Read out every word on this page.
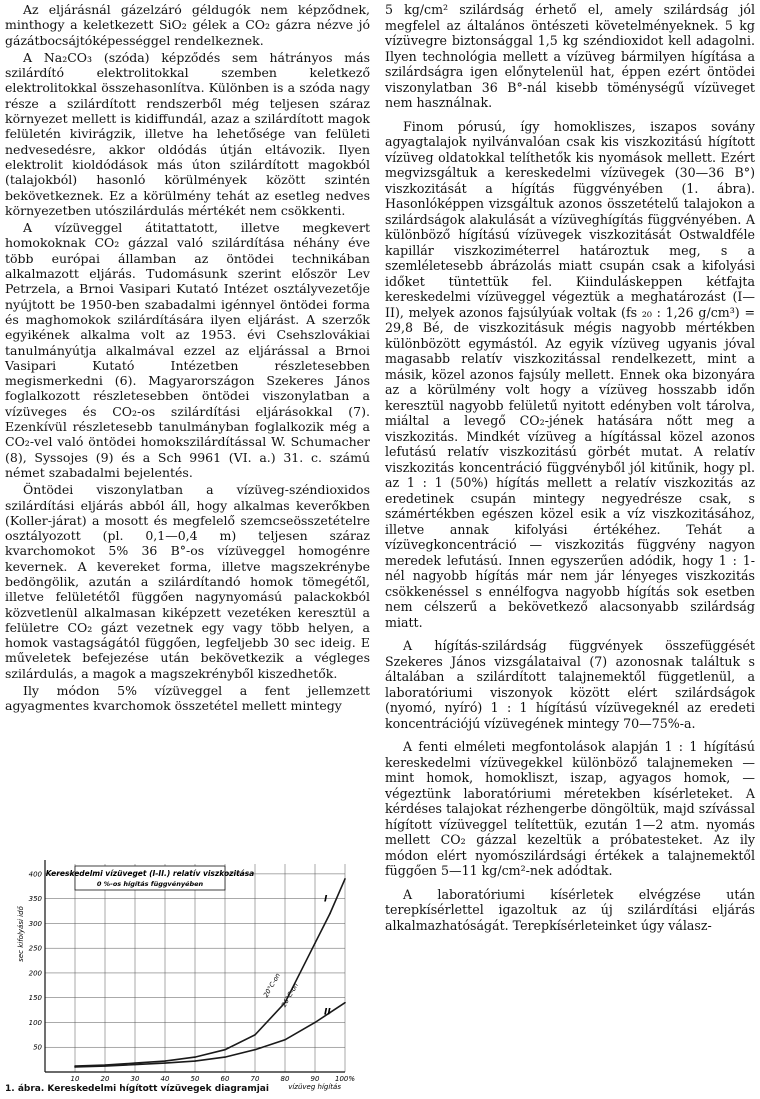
Az eljárásnál gázelzáró géldugók nem képződnek, minthogy a keletkezett SiO₂ gélek a CO₂ gázra nézve jó gázátbocsájtóképességgel rendelkeznek.

A Na₂CO₃ (szóda) képződés sem hátrányos más szilárdító elektrolitokkal szemben keletkező elektrolitokkal összehasonlítva. Különben is a szóda nagy része a szilárdított rendszerből még teljesen száraz környezet mellett is kidiffundál, azaz a szilárdított magok felületén kivirágzik, illetve ha lehetősége van felületi nedvesedésre, akkor oldódás útján eltávozik. Ilyen elektrolit kioldódások más úton szilárdított magokból (talajokból) hasonló körülmények között szintén bekövetkeznek. Ez a körülmény tehát az esetleg nedves környezetben utószilárdulás mértékét nem csökkenti.

A vízüveggel átitattatott, illetve megkevert homokoknak CO₂ gázzal való szilárdítása néhány éve több európai államban az öntödei technikában alkalmazott eljárás. Tudomásunk szerint először Lev Petrzela, a Brnoi Vasipari Kutató Intézet osztályvezetője nyújtott be 1950-ben szabadalmi igénnyel öntödei forma és maghomokok szilárdítására ilyen eljárást. A szerzők egyikének alkalma volt az 1953. évi Csehszlovákiai tanulmányútja alkalmával ezzel az eljárással a Brnoi Vasipari Kutató Intézetben részletesebben megismerkedni (6). Magyarországon Szekeres János foglalkozott részletesebben öntödei viszonylatban a vízüveges és CO₂-os szilárdítási eljárásokkal (7). Ezenkívül részletesebb tanulmányban foglalkozik még a CO₂-vel való öntödei homokszilárdítással W. Schumacher (8), Syssojes (9) és a Sch 9961 (VI. a.) 31. c. számú német szabadalmi bejelentés.

Öntödei viszonylatban a vízüveg-széndioxidos szilárdítási eljárás abból áll, hogy alkalmas keverőkben (Koller-járat) a mosott és megfelelő szemcseösszetételre osztályozott (pl. 0,1—0,4 m) teljesen száraz kvarchomokot 5% 36 B°-os vízüveggel homogénre kevernek. A kevereket forma, illetve magszekrénybe bedöngölik, azután a szilárdítandó homok tömegétől, illetve felületétől függően nagynyomású palackokból közvetlenül alkalmasan kiképzett vezetéken keresztül a felületre CO₂ gázt vezetnek egy vagy több helyen, a homok vastagságától függően, legfeljebb 30 sec ideig. E műveletek befejezése után bekövetkezik a végleges szilárdulás, a magok a magszekrényből kiszedhetők.

Ily módon 5% vízüveggel a fent jellemzett agyagmentes kvarchomok összetétel mellett mintegy

5 kg/cm² szilárdság érhető el, amely szilárdság jól megfelel az általános öntészeti követelményeknek. 5 kg vízüvegre biztonsággal 1,5 kg széndioxidot kell adagolni. Ilyen technológia mellett a vízüveg bármilyen hígítása a szilárdságra igen előnytelenül hat, éppen ezért öntödei viszonylatban 36 B°-nál kisebb töménységű vízüveget nem használnak.

Finom pórusú, így homokliszes, iszapos sovány agyagtalajok nyilvánvalóan csak kis viszkozitású hígított vízüveg oldatokkal telíthetők kis nyomások mellett. Ezért megvizsgáltuk a kereskedelmi vízüvegek (30—36 B°) viszkozitását a hígítás függvényében (1. ábra). Hasonlóképpen vizsgáltuk azonos összetételű talajokon a szilárdságok alakulását a vízüveghígítás függvényében. A különböző hígítású vízüvegek viszkozitását Ostwaldféle kapillár viszkoziméterrel határoztuk meg, s a szemléletesebb ábrázolás miatt csupán csak a kifolyási időket tüntettük fel. Kiinduláskeppen kétfajta kereskedelmi vízüveggel végeztük a meghatározást (I—II), melyek azonos fajsúlyúak voltak (fs ₂₀ : 1,26 g/cm³) = 29,8 Bé, de viszkozitásuk mégis nagyobb mértékben különbözött egymástól. Az egyik vízüveg ugyanis jóval magasabb relatív viszkozitással rendelkezett, mint a másik, közel azonos fajsúly mellett. Ennek oka bizonyára az a körülmény volt hogy a vízüveg hosszabb időn keresztül nagyobb felületű nyitott edényben volt tárolva, miáltal a levegő CO₂-jének hatására nőtt meg a viszkozitás. Mindkét vízüveg a hígítással közel azonos lefutású relatív viszkozitású görbét mutat. A relatív viszkozitás koncentráció függvényből jól kitűnik, hogy pl. az 1 : 1 (50%) hígítás mellett a relatív viszkozitás az eredetinek csupán mintegy negyedrésze csak, s számértékben egészen közel esik a víz viszkozitásához, illetve annak kifolyási értékéhez. Tehát a vízüvegkoncentráció — viszkozitás függvény nagyon meredek lefutású. Innen egyszerűen adódik, hogy 1 : 1-nél nagyobb hígítás már nem jár lényeges viszkozitás csökkenéssel s ennélfogva nagyobb hígítás sok esetben nem célszerű a bekövetkező alacsonyabb szilárdság miatt.

A hígítás-szilárdság függvények összefüggését Szekeres János vizsgálataival (7) azonosnak találtuk s általában a szilárdított talajnemektől függetlenül, a laboratóriumi viszonyok között elért szilárdságok (nyomó, nyíró) 1 : 1 hígítású vízüvegeknél az eredeti koncentrációjú vízüvegének mintegy 70—75%-a.

A fenti elméleti megfontolások alapján 1 : 1 hígítású kereskedelmi vízüvegekkel különböző talajnemeken — mint homok, homokliszt, iszap, agyagos homok, — végeztünk laboratóriumi méretekben kísérleteket. A kérdéses talajokat rézhengerbe döngöltük, majd szívással hígított vízüveggel telítettük, ezután 1—2 atm. nyomás mellett CO₂ gázzal kezeltük a próbatesteket. Az ily módon elért nyomószilárdsági értékek a talajnemektől függően 5—11 kg/cm²-nek adódtak.

A laboratóriumi kísérletek elvégzése után terepkísérlettel igazoltuk az új szilárdítási eljárás alkalmazhatóságát. Terepkísérleteinket úgy válasz-

10	20	30	40	50	60	70	80	90 100%
400
350
300
250
200
150
100
50
sec kifolyási idő
vízüveg hígítás
Kereskedelmi vízüveget (I-II.) relatív viszkozitása
0 %-os hígítás függvényében
I
II
20°C-on
26°C-on
1. ábra. Kereskedelmi hígított vízüvegek diagramjai
